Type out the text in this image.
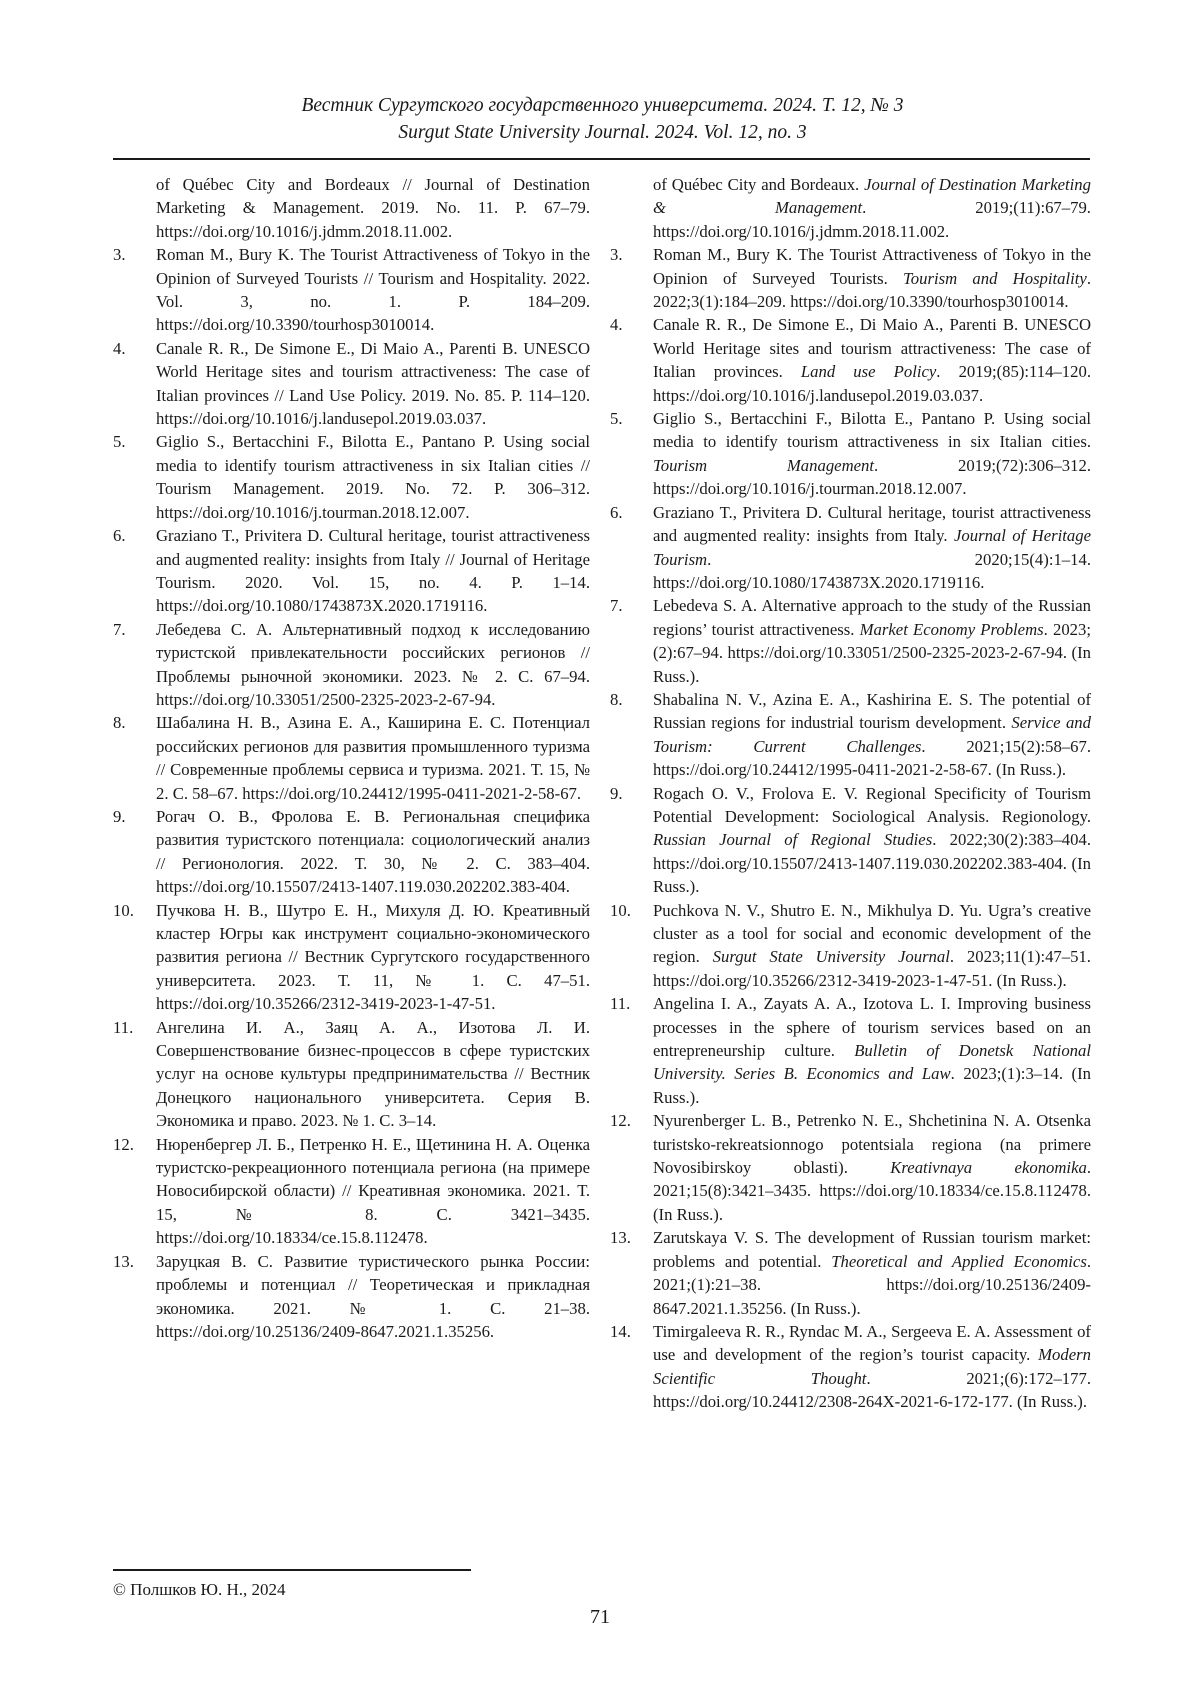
Вестник Сургутского государственного университета. 2024. Т. 12, № 3
Surgut State University Journal. 2024. Vol. 12, no. 3
of Québec City and Bordeaux // Journal of Destination Marketing & Management. 2019. No. 11. P. 67–79. https://doi.org/10.1016/j.jdmm.2018.11.002.
3.	Roman M., Bury K. The Tourist Attractiveness of Tokyo in the Opinion of Surveyed Tourists // Tourism and Hospitality. 2022. Vol. 3, no. 1. P. 184–209. https://doi.org/10.3390/tourhosp3010014.
4.	Canale R. R., De Simone E., Di Maio A., Parenti B. UNESCO World Heritage sites and tourism attractiveness: The case of Italian provinces // Land Use Policy. 2019. No. 85. P. 114–120. https://doi.org/10.1016/j.landusepol.2019.03.037.
5.	Giglio S., Bertacchini F., Bilotta E., Pantano P. Using social media to identify tourism attractiveness in six Italian cities // Tourism Management. 2019. No. 72. P. 306–312. https://doi.org/10.1016/j.tourman.2018.12.007.
6.	Graziano T., Privitera D. Cultural heritage, tourist attractiveness and augmented reality: insights from Italy // Journal of Heritage Tourism. 2020. Vol. 15, no. 4. P. 1–14. https://doi.org/10.1080/1743873X.2020.1719116.
7.	Лебедева С. А. Альтернативный подход к исследованию туристской привлекательности российских регионов // Проблемы рыночной экономики. 2023. № 2. С. 67–94. https://doi.org/10.33051/2500-2325-2023-2-67-94.
8.	Шабалина Н. В., Азина Е. А., Каширина Е. С. Потенциал российских регионов для развития промышленного туризма // Современные проблемы сервиса и туризма. 2021. Т. 15, № 2. С. 58–67. https://doi.org/10.24412/1995-0411-2021-2-58-67.
9.	Рогач О. В., Фролова Е. В. Региональная специфика развития туристского потенциала: социологический анализ // Регионология. 2022. Т. 30, № 2. С. 383–404. https://doi.org/10.15507/2413-1407.119.030.202202.383-404.
10.	Пучкова Н. В., Шутро Е. Н., Михуля Д. Ю. Креативный кластер Югры как инструмент социально-экономического развития региона // Вестник Сургутского государственного университета. 2023. Т. 11, № 1. С. 47–51. https://doi.org/10.35266/2312-3419-2023-1-47-51.
11.	Ангелина И. А., Заяц А. А., Изотова Л. И. Совершенствование бизнес-процессов в сфере туристских услуг на основе культуры предпринимательства // Вестник Донецкого национального университета. Серия В. Экономика и право. 2023. № 1. С. 3–14.
12.	Нюренбергер Л. Б., Петренко Н. Е., Щетинина Н. А. Оценка туристско-рекреационного потенциала региона (на примере Новосибирской области) // Креативная экономика. 2021. Т. 15, № 8. С. 3421–3435. https://doi.org/10.18334/ce.15.8.112478.
13.	Заруцкая В. С. Развитие туристического рынка России: проблемы и потенциал // Теоретическая и прикладная экономика. 2021. № 1. С. 21–38. https://doi.org/10.25136/2409-8647.2021.1.35256.
of Québec City and Bordeaux. Journal of Destination Marketing & Management. 2019;(11):67–79. https://doi.org/10.1016/j.jdmm.2018.11.002.
3.	Roman M., Bury K. The Tourist Attractiveness of Tokyo in the Opinion of Surveyed Tourists. Tourism and Hospitality. 2022;3(1):184–209. https://doi.org/10.3390/tourhosp3010014.
4.	Canale R. R., De Simone E., Di Maio A., Parenti B. UNESCO World Heritage sites and tourism attractiveness: The case of Italian provinces. Land use Policy. 2019;(85):114–120. https://doi.org/10.1016/j.landusepol.2019.03.037.
5.	Giglio S., Bertacchini F., Bilotta E., Pantano P. Using social media to identify tourism attractiveness in six Italian cities. Tourism Management. 2019;(72):306–312. https://doi.org/10.1016/j.tourman.2018.12.007.
6.	Graziano T., Privitera D. Cultural heritage, tourist attractiveness and augmented reality: insights from Italy. Journal of Heritage Tourism. 2020;15(4):1–14. https://doi.org/10.1080/1743873X.2020.1719116.
7.	Lebedeva S. A. Alternative approach to the study of the Russian regions’ tourist attractiveness. Market Economy Problems. 2023;(2):67–94. https://doi.org/10.33051/2500-2325-2023-2-67-94. (In Russ.).
8.	Shabalina N. V., Azina E. A., Kashirina E. S. The potential of Russian regions for industrial tourism development. Service and Tourism: Current Challenges. 2021;15(2):58–67. https://doi.org/10.24412/1995-0411-2021-2-58-67. (In Russ.).
9.	Rogach O. V., Frolova E. V. Regional Specificity of Tourism Potential Development: Sociological Analysis. Regionology. Russian Journal of Regional Studies. 2022;30(2):383–404. https://doi.org/10.15507/2413-1407.119.030.202202.383-404. (In Russ.).
10.	Puchkova N. V., Shutro E. N., Mikhulya D. Yu. Ugra’s creative cluster as a tool for social and economic development of the region. Surgut State University Journal. 2023;11(1):47–51. https://doi.org/10.35266/2312-3419-2023-1-47-51. (In Russ.).
11.	Angelina I. A., Zayats A. A., Izotova L. I. Improving business processes in the sphere of tourism services based on an entrepreneurship culture. Bulletin of Donetsk National University. Series B. Economics and Law. 2023;(1):3–14. (In Russ.).
12.	Nyurenberger L. B., Petrenko N. E., Shchetinina N. A. Otsenka turistsko-rekreatsionnogo potentsiala regiona (na primere Novosibirskoy oblasti). Kreativnaya ekonomika. 2021;15(8):3421–3435. https://doi.org/10.18334/ce.15.8.112478. (In Russ.).
13.	Zarutskaya V. S. The development of Russian tourism market: problems and potential. Theoretical and Applied Economics. 2021;(1):21–38. https://doi.org/10.25136/2409-8647.2021.1.35256. (In Russ.).
14.	Timirgaleeva R. R., Ryndac M. A., Sergeeva E. A. Assessment of use and development of the region’s tourist capacity. Modern Scientific Thought. 2021;(6):172–177. https://doi.org/10.24412/2308-264X-2021-6-172-177. (In Russ.).
© Полшков Ю. Н., 2024
71
